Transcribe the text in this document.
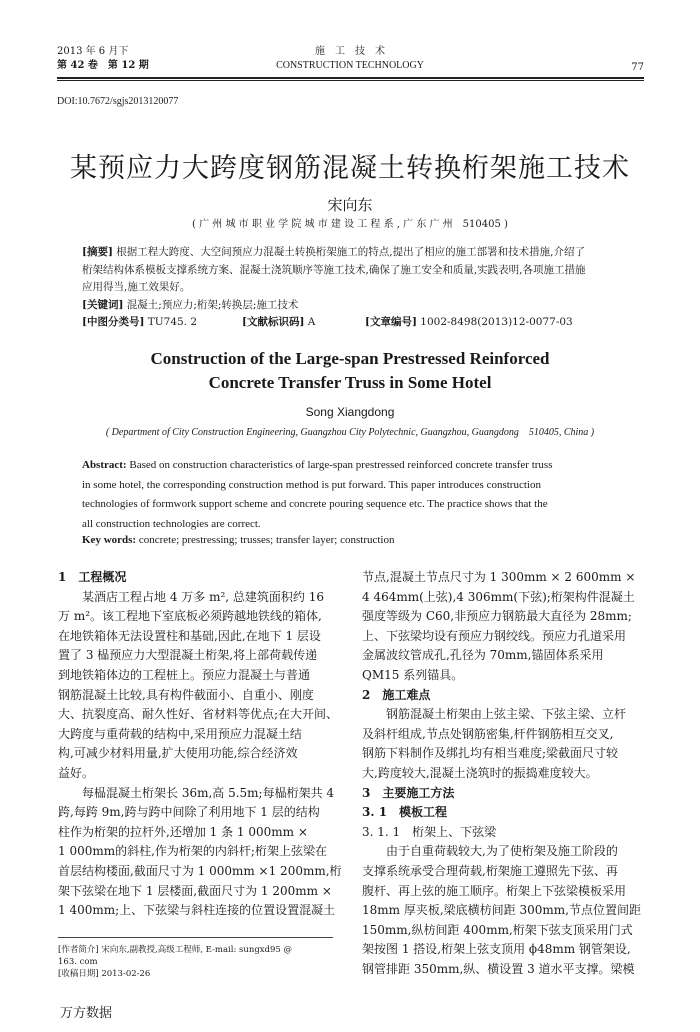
2013 年 6 月下
第 42 卷　第 12 期
施　工　技　术
CONSTRUCTION TECHNOLOGY	77
DOI:10.7672/sgjs2013120077
某预应力大跨度钢筋混凝土转换桁架施工技术
宋向东
( 广 州 城 市 职 业 学 院 城 市 建 设 工 程 系 , 广 东 广 州　510405 )
[摘要] 根据工程大跨度、大空间预应力混凝土转换桁架施工的特点,提出了相应的施工部署和技术措施,介绍了
桁架结构体系模板支撑系统方案、混凝土浇筑顺序等施工技术,确保了施工安全和质量,实践表明,各项施工措施
应用得当,施工效果好。
[关键词] 混凝土;预应力;桁架;转换层;施工技术
[中图分类号] TU745. 2	[文献标识码] A	[文章编号] 1002-8498(2013)12-0077-03
Construction of the Large-span Prestressed Reinforced
Concrete Transfer Truss in Some Hotel
Song Xiangdong
( Department of City Construction Engineering, Guangzhou City Polytechnic, Guangzhou, Guangdong　510405, China )
Abstract: Based on construction characteristics of large-span prestressed reinforced concrete transfer truss
in some hotel, the corresponding construction method is put forward. This paper introduces construction
technologies of formwork support scheme and concrete pouring sequence etc. The practice shows that the
all construction technologies are correct.
Key words: concrete; prestressing; trusses; transfer layer; construction
1　工程概况
　　某酒店工程占地 4 万多 m², 总建筑面积约 16
万 m²。该工程地下室底板必须跨越地铁线的箱体,
在地铁箱体无法设置柱和基础,因此,在地下 1 层设
置了 3 榀预应力大型混凝土桁架,将上部荷载传递
到地铁箱体边的工程桩上。预应力混凝土与普通
钢筋混凝土比较,具有构件截面小、自重小、刚度
大、抗裂度高、耐久性好、省材料等优点;在大开间、
大跨度与重荷载的结构中,采用预应力混凝土结
构,可减少材料用量,扩大使用功能,综合经济效
益好。
　　每榀混凝土桁架长 36m,高 5.5m;每榀桁架共 4
跨,每跨 9m,跨与跨中间除了利用地下 1 层的结构
柱作为桁架的拉杆外,还增加 1 条 1 000mm ×
1 000mm的斜柱,作为桁架的内斜杆;桁架上弦梁在
首层结构楼面,截面尺寸为 1 000mm ×1 200mm,桁
架下弦梁在地下 1 层楼面,截面尺寸为 1 200mm ×
1 400mm;上、下弦梁与斜柱连接的位置设置混凝土
[作者简介] 宋向东,副教授,高级工程师, E-mail: sungxd95 @
163. com
[收稿日期] 2013-02-26
节点,混凝土节点尺寸为 1 300mm × 2 600mm ×
4 464mm(上弦),4 306mm(下弦);桁架构件混凝土
强度等级为 C60,非预应力钢筋最大直径为 28mm;
上、下弦梁均设有预应力钢绞线。预应力孔道采用
金属波纹管成孔,孔径为 70mm,锚固体系采用
QM15 系列锚具。
2　施工难点
　　钢筋混凝土桁架由上弦主梁、下弦主梁、立杆
及斜杆组成,节点处钢筋密集,杆件钢筋相互交叉,
钢筋下料制作及绑扎均有相当难度;梁截面尺寸较
大,跨度较大,混凝土浇筑时的振捣难度较大。
3　主要施工方法
3. 1　模板工程
3. 1. 1　桁架上、下弦梁
　　由于自重荷载较大,为了使桁架及施工阶段的
支撑系统承受合理荷载,桁架施工遵照先下弦、再
腹杆、再上弦的施工顺序。桁架上下弦梁模板采用
18mm 厚夹板,梁底横枋间距 300mm,节点位置间距
150mm,纵枋间距 400mm,桁架下弦支顶采用门式
架按图 1 搭设,桁架上弦支顶用 ϕ48mm 钢管架设,
钢管排距 350mm,纵、横设置 3 道水平支撑。梁模
万方数据
